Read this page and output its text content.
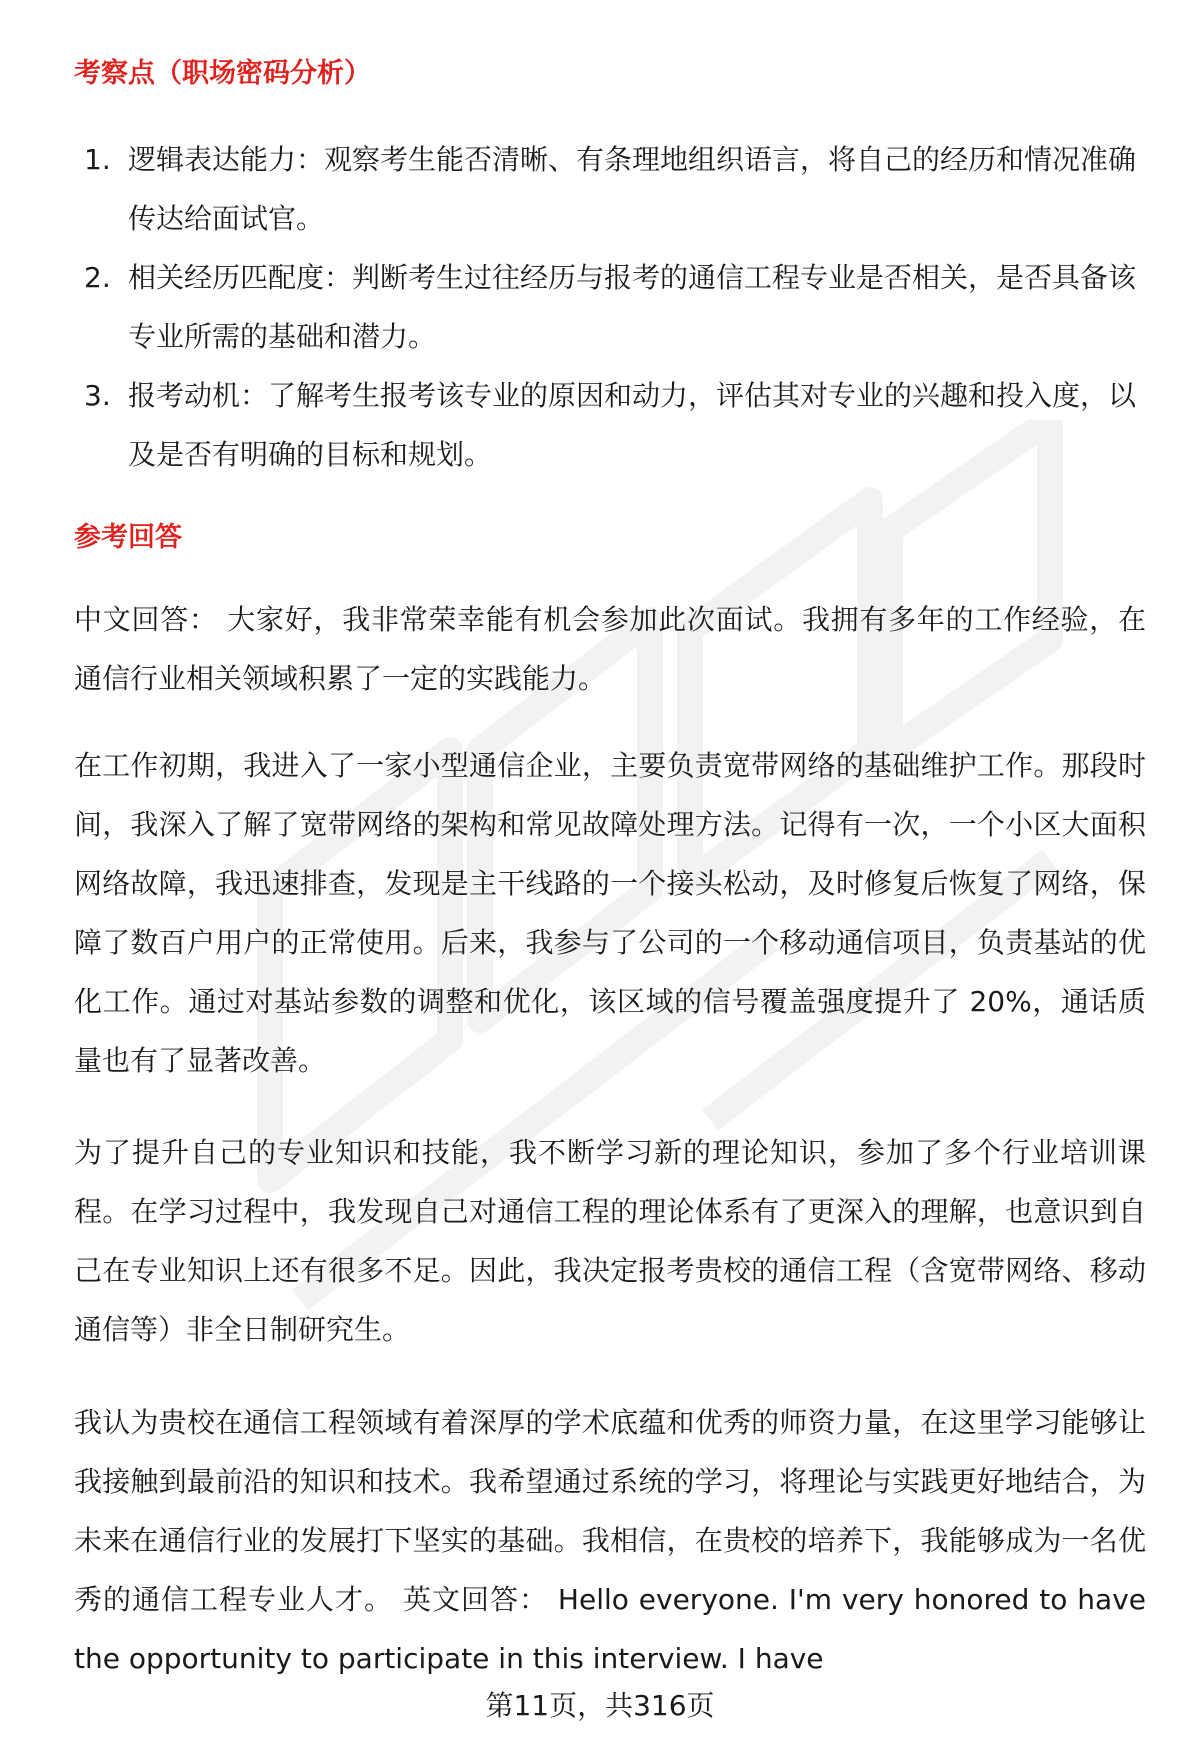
考察点（职场密码分析）
1. 逻辑表达能力：观察考生能否清晰、有条理地组织语言，将自己的经历和情况准确传达给面试官。
2. 相关经历匹配度：判断考生过往经历与报考的通信工程专业是否相关，是否具备该专业所需的基础和潜力。
3. 报考动机：了解考生报考该专业的原因和动力，评估其对专业的兴趣和投入度，以及是否有明确的目标和规划。
参考回答

中文回答： 大家好，我非常荣幸能有机会参加此次面试。我拥有多年的工作经验，在通信行业相关领域积累了一定的实践能力。

在工作初期，我进入了一家小型通信企业，主要负责宽带网络的基础维护工作。那段时间，我深入了解了宽带网络的架构和常见故障处理方法。记得有一次，一个小区大面积网络故障，我迅速排查，发现是主干线路的一个接头松动，及时修复后恢复了网络，保障了数百户用户的正常使用。后来，我参与了公司的一个移动通信项目，负责基站的优化工作。通过对基站参数的调整和优化，该区域的信号覆盖强度提升了 20%，通话质量也有了显著改善。

为了提升自己的专业知识和技能，我不断学习新的理论知识，参加了多个行业培训课程。在学习过程中，我发现自己对通信工程的理论体系有了更深入的理解，也意识到自己在专业知识上还有很多不足。因此，我决定报考贵校的通信工程（含宽带网络、移动通信等）非全日制研究生。

我认为贵校在通信工程领域有着深厚的学术底蕴和优秀的师资力量，在这里学习能够让我接触到最前沿的知识和技术。我希望通过系统的学习，将理论与实践更好地结合，为未来在通信行业的发展打下坚实的基础。我相信，在贵校的培养下，我能够成为一名优秀的通信工程专业人才。 英文回答： Hello everyone. I'm very honored to have the opportunity to participate in this interview. I have

第11页，共316页
